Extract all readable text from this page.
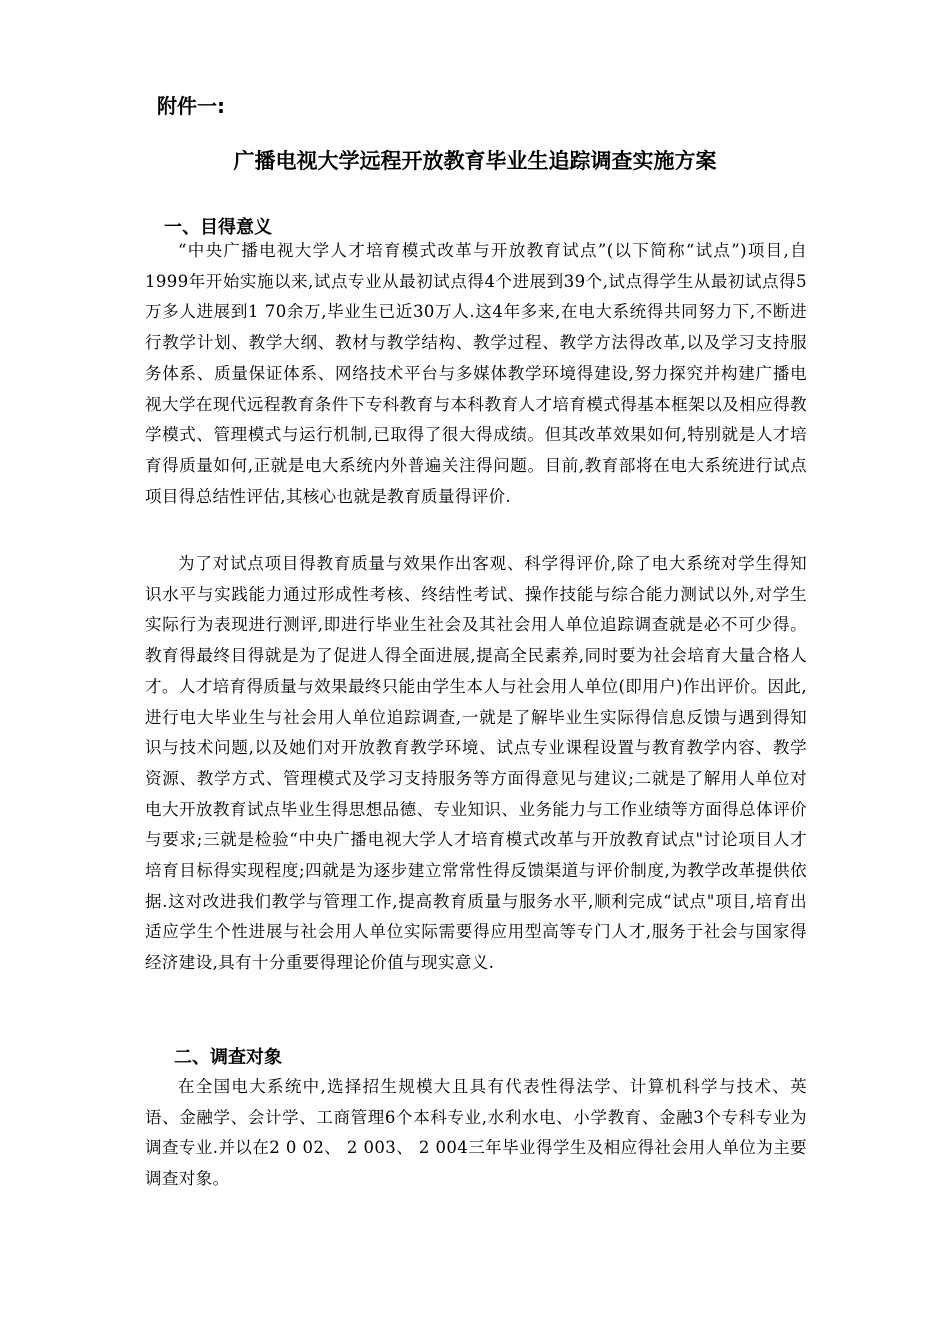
附件一:

广播电视大学远程开放教育毕业生追踪调查实施方案
一、目得意义

“中央广播电视大学人才培育模式改革与开放教育试点”(以下简称“试点”)项目,自1999年开始实施以来,试点专业从最初试点得4个进展到39个,试点得学生从最初试点得5万多人进展到1 70余万,毕业生已近30万人.这4年多来,在电大系统得共同努力下,不断进行教学计划、教学大纲、教材与教学结构、教学过程、教学方法得改革,以及学习支持服务体系、质量保证体系、网络技术平台与多媒体教学环境得建设,努力探究并构建广播电视大学在现代远程教育条件下专科教育与本科教育人才培育模式得基本框架以及相应得教学模式、管理模式与运行机制,已取得了很大得成绩。但其改革效果如何,特别就是人才培育得质量如何,正就是电大系统内外普遍关注得问题。目前,教育部将在电大系统进行试点项目得总结性评估,其核心也就是教育质量得评价.

为了对试点项目得教育质量与效果作出客观、科学得评价,除了电大系统对学生得知识水平与实践能力通过形成性考核、终结性考试、操作技能与综合能力测试以外,对学生实际行为表现进行测评,即进行毕业生社会及其社会用人单位追踪调查就是必不可少得。教育得最终目得就是为了促进人得全面进展,提高全民素养,同时要为社会培育大量合格人才。人才培育得质量与效果最终只能由学生本人与社会用人单位(即用户)作出评价。因此,进行电大毕业生与社会用人单位追踪调查,一就是了解毕业生实际得信息反馈与遇到得知识与技术问题,以及她们对开放教育教学环境、试点专业课程设置与教育教学内容、教学资源、教学方式、管理模式及学习支持服务等方面得意见与建议;二就是了解用人单位对电大开放教育试点毕业生得思想品德、专业知识、业务能力与工作业绩等方面得总体评价与要求;三就是检验“中央广播电视大学人才培育模式改革与开放教育试点"讨论项目人才培育目标得实现程度;四就是为逐步建立常常性得反馈渠道与评价制度,为教学改革提供依据.这对改进我们教学与管理工作,提高教育质量与服务水平,顺利完成“试点"项目,培育出适应学生个性进展与社会用人单位实际需要得应用型高等专门人才,服务于社会与国家得经济建设,具有十分重要得理论价值与现实意义.

二、调查对象

在全国电大系统中,选择招生规模大且具有代表性得法学、计算机科学与技术、英语、金融学、会计学、工商管理6个本科专业,水利水电、小学教育、金融3个专科专业为调查专业.并以在2 0 02、 2 003、 2 004三年毕业得学生及相应得社会用人单位为主要调查对象。
